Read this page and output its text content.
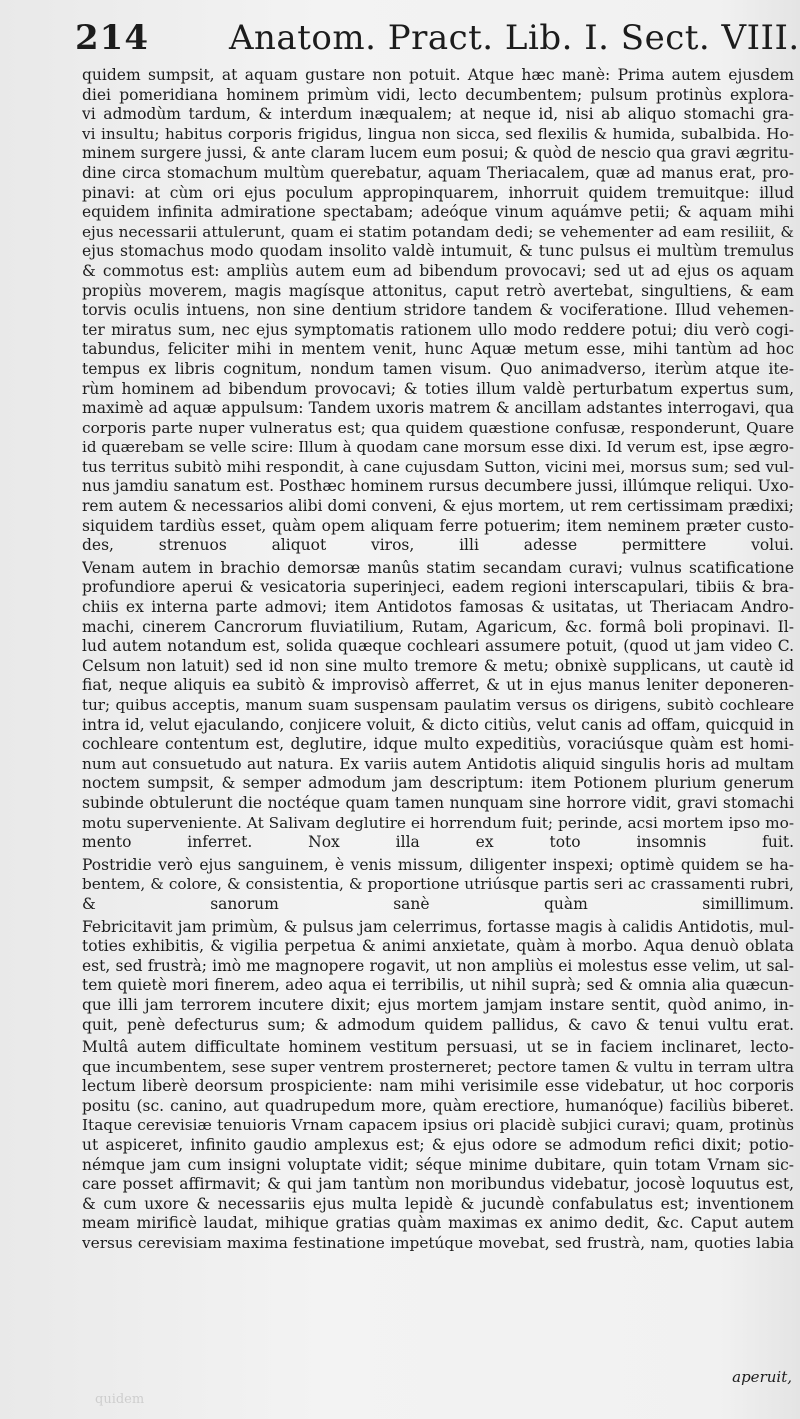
214 Anatom. Pract. Lib. I. Sect. VIII.
quidem sumpsit, at aquam gustare non potuit. Atque hæc manè: Prima autem ejusdem
diei pomeridiana hominem primùm vidi, lecto decumbentem; pulsum protinùs explora-
vi admodùm tardum, & interdum inæqualem; at neque id, nisi ab aliquo stomachi gra-
vi insultu; habitus corporis frigidus, lingua non sicca, sed flexilis & humida, subalbida. Ho-
minem surgere jussi, & ante claram lucem eum posui; & quòd de nescio qua gravi ægritu-
dine circa stomachum multùm querebatur, aquam Theriacalem, quæ ad manus erat, pro-
pinavi: at cùm ori ejus poculum appropinquarem, inhorruit quidem tremuitque: illud
equidem infinita admiratione spectabam; adeóque vinum aquámve petii; & aquam mihi
ejus necessarii attulerunt, quam ei statim potandam dedi; se vehementer ad eam resiliit, &
ejus stomachus modo quodam insolito valdè intumuit, & tunc pulsus ei multùm tremulus
& commotus est: ampliùs autem eum ad bibendum provocavi; sed ut ad ejus os aquam
propiùs moverem, magis magísque attonitus, caput retrò avertebat, singultiens, & eam
torvis oculis intuens, non sine dentium stridore tandem & vociferatione. Illud vehemen-
ter miratus sum, nec ejus symptomatis rationem ullo modo reddere potui; diu verò cogi-
tabundus, feliciter mihi in mentem venit, hunc Aquæ metum esse, mihi tantùm ad hoc
tempus ex libris cognitum, nondum tamen visum. Quo animadverso, iterùm atque ite-
rùm hominem ad bibendum provocavi; & toties illum valdè perturbatum expertus sum,
maximè ad aquæ appulsum: Tandem uxoris matrem & ancillam adstantes interrogavi, qua
corporis parte nuper vulneratus est; qua quidem quæstione confusæ, responderunt, Quare
id quærebam se velle scire: Illum à quodam cane morsum esse dixi. Id verum est, ipse ægro-
tus territus subitò mihi respondit, à cane cujusdam Sutton, vicini mei, morsus sum; sed vul-
nus jamdiu sanatum est. Posthæc hominem rursus decumbere jussi, illúmque reliqui. Uxo-
rem autem & necessarios alibi domi conveni, & ejus mortem, ut rem certissimam prædixi;
siquidem tardiùs esset, quàm opem aliquam ferre potuerim; item neminem præter custo-
des, strenuos aliquot viros, illi adesse permittere volui.
Venam autem in brachio demorsæ manûs statim secandam curavi; vulnus scatificatione
profundiore aperui & vesicatoria superinjeci, eadem regioni interscapulari, tibiis & bra-
chiis ex interna parte admovi; item Antidotos famosas & usitatas, ut Theriacam Andro-
machi, cinerem Cancrorum fluviatilium, Rutam, Agaricum, &c. formâ boli propinavi. Il-
lud autem notandum est, solida quæque cochleari assumere potuit, (quod ut jam video C.
Celsum non latuit) sed id non sine multo tremore & metu; obnixè supplicans, ut cautè id
fiat, neque aliquis ea subitò & improvisò afferret, & ut in ejus manus leniter deponeren-
tur; quibus acceptis, manum suam suspensam paulatim versus os dirigens, subitò cochleare
intra id, velut ejaculando, conjicere voluit, & dicto citiùs, velut canis ad offam, quicquid in
cochleare contentum est, deglutire, idque multo expeditiùs, voraciúsque quàm est homi-
num aut consuetudo aut natura. Ex variis autem Antidotis aliquid singulis horis ad multam
noctem sumpsit, & semper admodum jam descriptum: item Potionem plurium generum
subinde obtulerunt die noctéque quam tamen nunquam sine horrore vidit, gravi stomachi
motu superveniente. At Salivam deglutire ei horrendum fuit; perinde, acsi mortem ipso mo-
mento inferret. Nox illa ex toto insomnis fuit.
Postridie verò ejus sanguinem, è venis missum, diligenter inspexi; optimè quidem se ha-
bentem, & colore, & consistentia, & proportione utriúsque partis seri ac crassamenti rubri,
& sanorum sanè quàm simillimum.
Febricitavit jam primùm, & pulsus jam celerrimus, fortasse magis à calidis Antidotis, mul-
toties exhibitis, & vigilia perpetua & animi anxietate, quàm à morbo. Aqua denuò oblata
est, sed frustrà; imò me magnopere rogavit, ut non ampliùs ei molestus esse velim, ut sal-
tem quietè mori finerem, adeo aqua ei terribilis, ut nihil suprà; sed & omnia alia quæcun-
que illi jam terrorem incutere dixit; ejus mortem jamjam instare sentit, quòd animo, in-
quit, penè defecturus sum; & admodum quidem pallidus, & cavo & tenui vultu erat.
Multâ autem difficultate hominem vestitum persuasi, ut se in faciem inclinaret, lecto-
que incumbentem, sese super ventrem prosterneret; pectore tamen & vultu in terram ultra
lectum liberè deorsum prospiciente: nam mihi verisimile esse videbatur, ut hoc corporis
positu (sc. canino, aut quadrupedum more, quàm erectiore, humanóque) faciliùs biberet.
Itaque cerevisiæ tenuioris Vrnam capacem ipsius ori placidè subjici curavi; quam, protinùs
ut aspiceret, infinito gaudio amplexus est; & ejus odore se admodum refici dixit; potio-
némque jam cum insigni voluptate vidit; séque minime dubitare, quin totam Vrnam sic-
care posset affirmavit; & qui jam tantùm non moribundus videbatur, jocosè loquutus est,
& cum uxore & necessariis ejus multa lepidè & jucundè confabulatus est; inventionem
meam mirificè laudat, mihique gratias quàm maximas ex animo dedit, &c. Caput autem
versus cerevisiam maxima festinatione impetúque movebat, sed frustrà, nam, quoties labia
aperuit,
quidem
